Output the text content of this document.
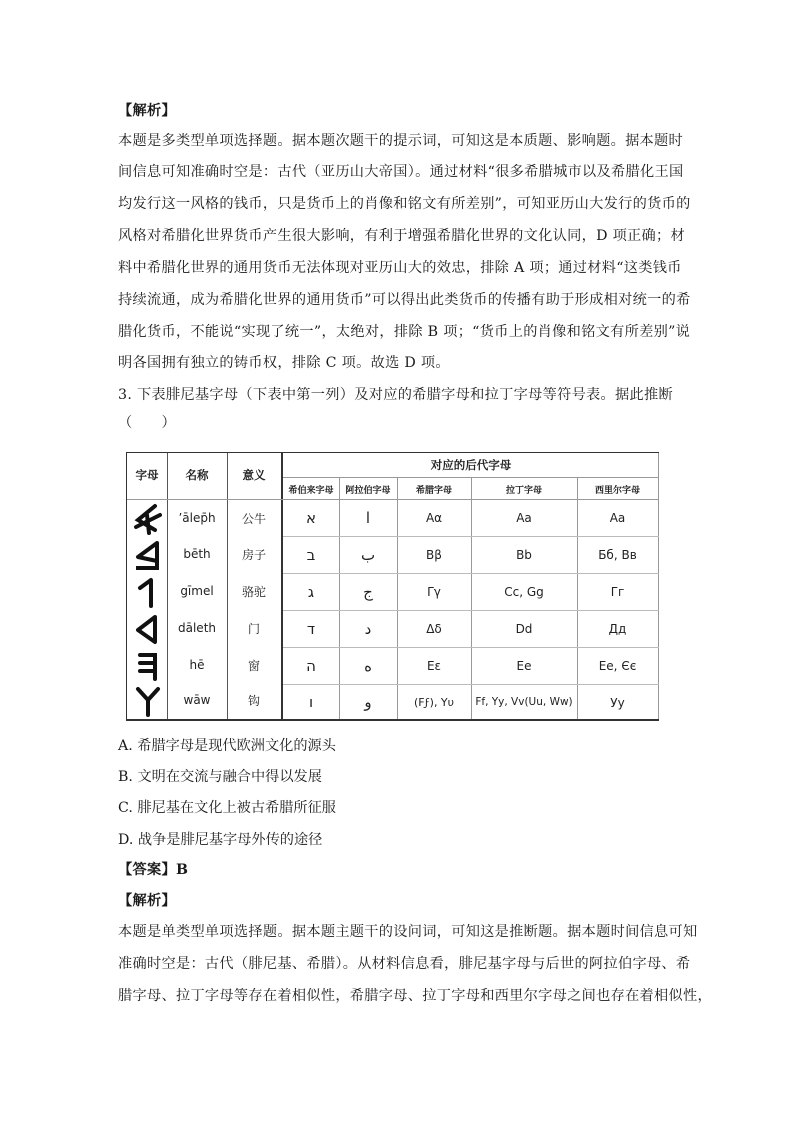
【解析】
本题是多类型单项选择题。据本题次题干的提示词，可知这是本质题、影响题。据本题时
间信息可知准确时空是：古代（亚历山大帝国）。通过材料“很多希腊城市以及希腊化王国
均发行这一风格的钱币，只是货币上的肖像和铭文有所差别”，可知亚历山大发行的货币的
风格对希腊化世界货币产生很大影响，有利于增强希腊化世界的文化认同，D 项正确；材
料中希腊化世界的通用货币无法体现对亚历山大的效忠，排除 A 项；通过材料“这类钱币
持续流通，成为希腊化世界的通用货币”可以得出此类货币的传播有助于形成相对统一的希
腊化货币，不能说“实现了统一”，太绝对，排除 B 项；“货币上的肖像和铭文有所差别”说
明各国拥有独立的铸币权，排除 C 项。故选 D 项。
3. 下表腓尼基字母（下表中第一列）及对应的希腊字母和拉丁字母等符号表。据此推断
（　　）
字母	名称	意义
对应的后代字母
希伯来字母	阿拉伯字母	希腊字母	拉丁字母	西里尔字母
’ālep̄h	公牛	א	ا	Aα	Aa	Aa
bēth	房子	ב	ب	Ββ	Bb	Бб, Вв
gīmel	骆驼	ג	ج	Γγ	Cc, Gg	Гг
dāleth	门	ד	د	Δδ	Dd	Дд
hē	窗	ה	ه	Εε	Ee	Ее, Єє
wāw	钩	ו	و	(Ϝϝ), Υυ	Ff, Yy, Vv(Uu, Ww)	Уу
A. 希腊字母是现代欧洲文化的源头
B. 文明在交流与融合中得以发展
C. 腓尼基在文化上被古希腊所征服
D. 战争是腓尼基字母外传的途径
【答案】B
【解析】
本题是单类型单项选择题。据本题主题干的设问词，可知这是推断题。据本题时间信息可知
准确时空是：古代（腓尼基、希腊）。从材料信息看，腓尼基字母与后世的阿拉伯字母、希
腊字母、拉丁字母等存在着相似性，希腊字母、拉丁字母和西里尔字母之间也存在着相似性，
